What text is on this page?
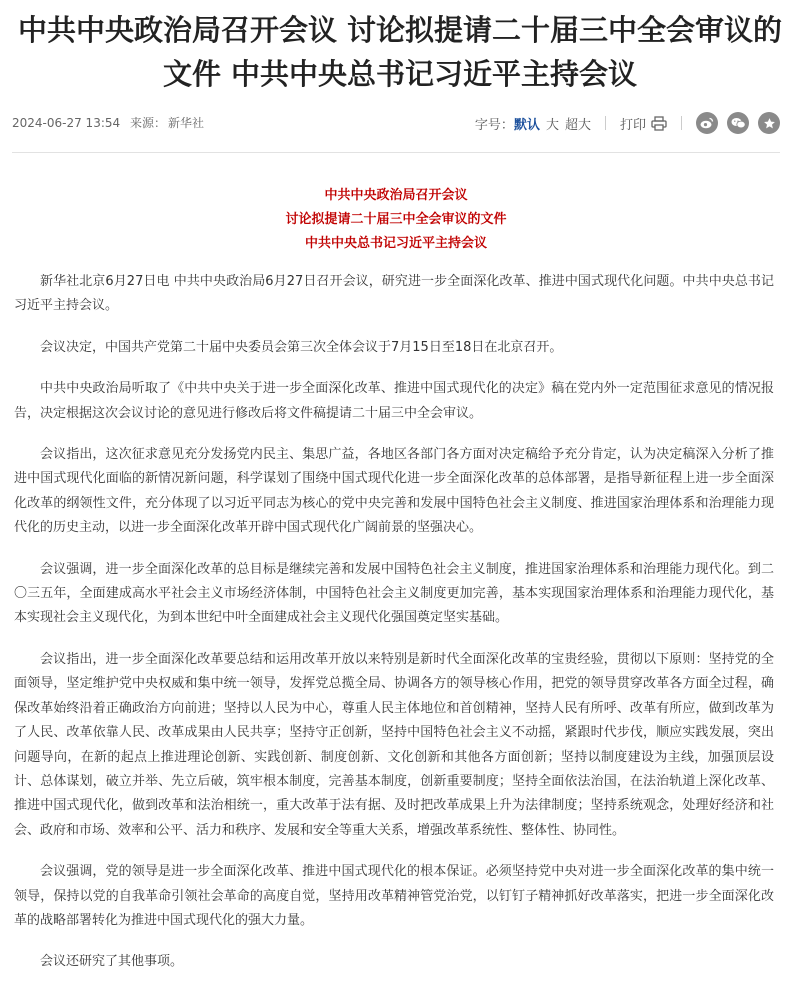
中共中央政治局召开会议 讨论拟提请二十届三中全会审议的文件 中共中央总书记习近平主持会议
2024-06-27 13:54 来源： 新华社	字号： 默认 大 超大 打印
中共中央政治局召开会议
讨论拟提请二十届三中全会审议的文件
中共中央总书记习近平主持会议

新华社北京6月27日电 中共中央政治局6月27日召开会议，研究进一步全面深化改革、推进中国式现代化问题。中共中央总书记习近平主持会议。

会议决定，中国共产党第二十届中央委员会第三次全体会议于7月15日至18日在北京召开。

中共中央政治局听取了《中共中央关于进一步全面深化改革、推进中国式现代化的决定》稿在党内外一定范围征求意见的情况报告，决定根据这次会议讨论的意见进行修改后将文件稿提请二十届三中全会审议。

会议指出，这次征求意见充分发扬党内民主、集思广益，各地区各部门各方面对决定稿给予充分肯定，认为决定稿深入分析了推进中国式现代化面临的新情况新问题，科学谋划了围绕中国式现代化进一步全面深化改革的总体部署，是指导新征程上进一步全面深化改革的纲领性文件，充分体现了以习近平同志为核心的党中央完善和发展中国特色社会主义制度、推进国家治理体系和治理能力现代化的历史主动，以进一步全面深化改革开辟中国式现代化广阔前景的坚强决心。

会议强调，进一步全面深化改革的总目标是继续完善和发展中国特色社会主义制度，推进国家治理体系和治理能力现代化。到二〇三五年，全面建成高水平社会主义市场经济体制，中国特色社会主义制度更加完善，基本实现国家治理体系和治理能力现代化，基本实现社会主义现代化，为到本世纪中叶全面建成社会主义现代化强国奠定坚实基础。

会议指出，进一步全面深化改革要总结和运用改革开放以来特别是新时代全面深化改革的宝贵经验，贯彻以下原则：坚持党的全面领导，坚定维护党中央权威和集中统一领导，发挥党总揽全局、协调各方的领导核心作用，把党的领导贯穿改革各方面全过程，确保改革始终沿着正确政治方向前进；坚持以人民为中心，尊重人民主体地位和首创精神，坚持人民有所呼、改革有所应，做到改革为了人民、改革依靠人民、改革成果由人民共享；坚持守正创新，坚持中国特色社会主义不动摇，紧跟时代步伐，顺应实践发展，突出问题导向，在新的起点上推进理论创新、实践创新、制度创新、文化创新和其他各方面创新；坚持以制度建设为主线，加强顶层设计、总体谋划，破立并举、先立后破，筑牢根本制度，完善基本制度，创新重要制度；坚持全面依法治国，在法治轨道上深化改革、推进中国式现代化，做到改革和法治相统一，重大改革于法有据、及时把改革成果上升为法律制度；坚持系统观念，处理好经济和社会、政府和市场、效率和公平、活力和秩序、发展和安全等重大关系，增强改革系统性、整体性、协同性。

会议强调，党的领导是进一步全面深化改革、推进中国式现代化的根本保证。必须坚持党中央对进一步全面深化改革的集中统一领导，保持以党的自我革命引领社会革命的高度自觉，坚持用改革精神管党治党，以钉钉子精神抓好改革落实，把进一步全面深化改革的战略部署转化为推进中国式现代化的强大力量。

会议还研究了其他事项。
